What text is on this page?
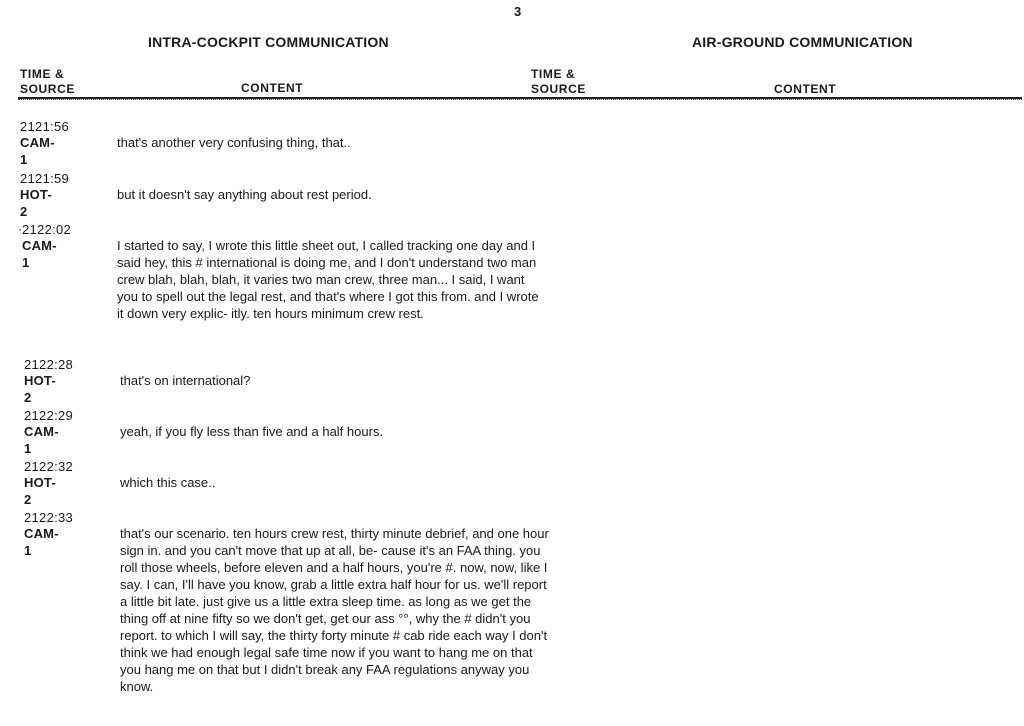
3
INTRA-COCKPIT COMMUNICATION	AIR-GROUND COMMUNICATION
TIME &
SOURCE	CONTENT
TIME &
SOURCE	CONTENT
2121:56
CAM-1
that's another very confusing thing, that..
2121:59
HOT-2
but it doesn't say anything about rest period.
· 2122:02
CAM-1
I started to say, I wrote this little sheet out, I called tracking one day and I said hey, this # international is doing me, and I don't understand two man crew blah, blah, blah, it varies two man crew, three man... I said, I want you to spell out the legal rest, and that's where I got this from. and I wrote it down very explic- itly. ten hours minimum crew rest.
2122:28
HOT-2
that's on international?
2122:29
CAM-1
yeah, if you fly less than five and a half hours.
2122:32
HOT-2
which this case..
2122:33
CAM-1
that's our scenario. ten hours crew rest, thirty minute debrief, and one hour sign in. and you can't move that up at all, be- cause it's an FAA thing. you roll those wheels, before eleven and a half hours, you're #. now, now, like I say. I can, I'll have you know, grab a little extra half hour for us. we'll report a little bit late. just give us a little extra sleep time. as long as we get the thing off at nine fifty so we don't get, get our ass °°, why the # didn't you report. to which I will say, the thirty forty minute # cab ride each way I don't think we had enough legal safe time now if you want to hang me on that you hang me on that but I didn't break any FAA regulations anyway you know.
